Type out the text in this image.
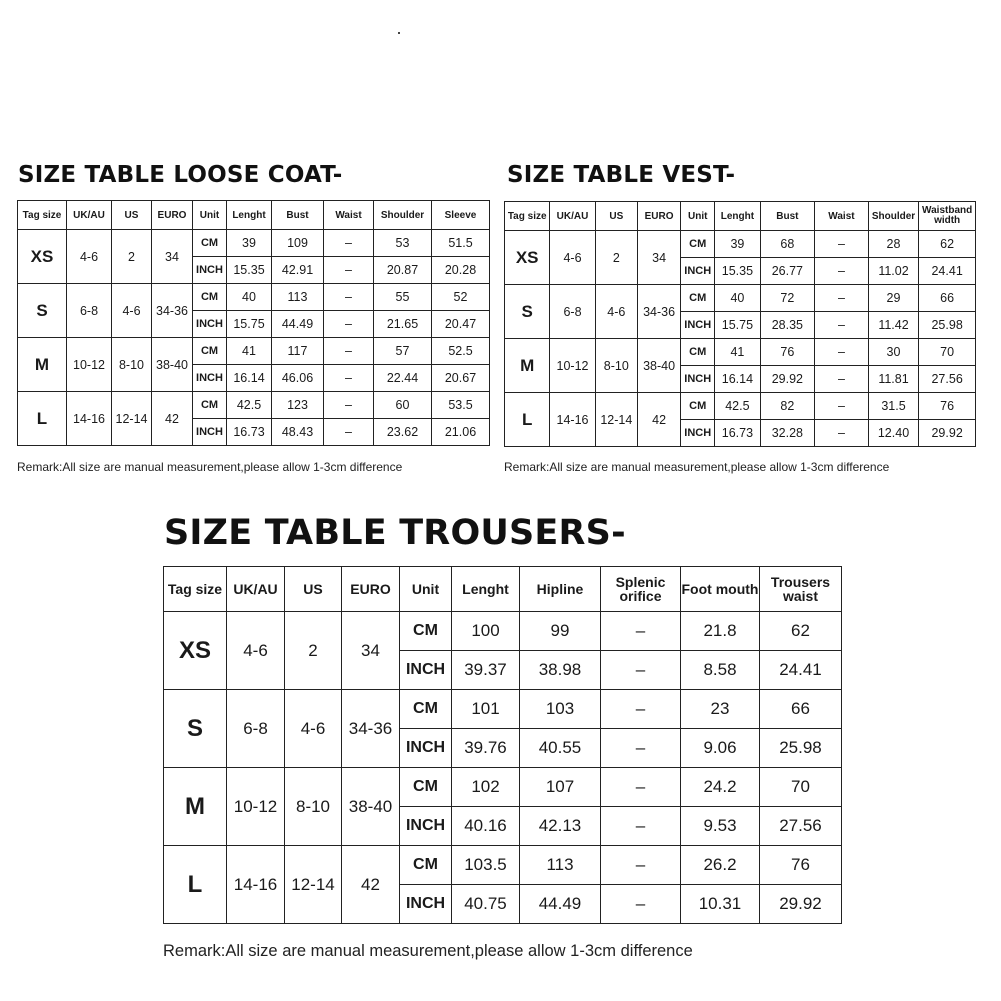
SIZE TABLE LOOSE COAT-
Tag size	UK/AU	US	EURO	Unit	Lenght	Bust	Waist	Shoulder	Sleeve
XS	4-6	2	34	CM	39	109	–	53	51.5
				INCH	15.35	42.91	–	20.87	20.28
S	6-8	4-6	34-36	CM	40	113	–	55	52
				INCH	15.75	44.49	–	21.65	20.47
M	10-12	8-10	38-40	CM	41	117	–	57	52.5
				INCH	16.14	46.06	–	22.44	20.67
L	14-16	12-14	42	CM	42.5	123	–	60	53.5
				INCH	16.73	48.43	–	23.62	21.06
Remark:All size are manual measurement,please allow 1-3cm difference
SIZE TABLE VEST-
Tag size	UK/AU	US	EURO	Unit	Lenght	Bust	Waist	Shoulder	Waistband width

XS	4-6	2	34	CM	39	68	–	28	62
				INCH	15.35	26.77	–	11.02	24.41
S	6-8	4-6	34-36	CM	40	72	–	29	66
				INCH	15.75	28.35	–	11.42	25.98
M	10-12	8-10	38-40	CM	41	76	–	30	70
				INCH	16.14	29.92	–	11.81	27.56
L	14-16	12-14	42	CM	42.5	82	–	31.5	76
				INCH	16.73	32.28	–	12.40	29.92
Remark:All size are manual measurement,please allow 1-3cm difference
SIZE TABLE TROUSERS-
Tag size	UK/AU	US	EURO	Unit	Lenght	Hipline	Splenic orifice	Foot mouth	Trousers waist

XS	4-6	2	34	CM	100	99	–	21.8	62
				INCH	39.37	38.98	–	8.58	24.41
S	6-8	4-6	34-36	CM	101	103	–	23	66
				INCH	39.76	40.55	–	9.06	25.98
M	10-12	8-10	38-40	CM	102	107	–	24.2	70
				INCH	40.16	42.13	–	9.53	27.56
L	14-16	12-14	42	CM	103.5	113	–	26.2	76
				INCH	40.75	44.49	–	10.31	29.92
Remark:All size are manual measurement,please allow 1-3cm difference
